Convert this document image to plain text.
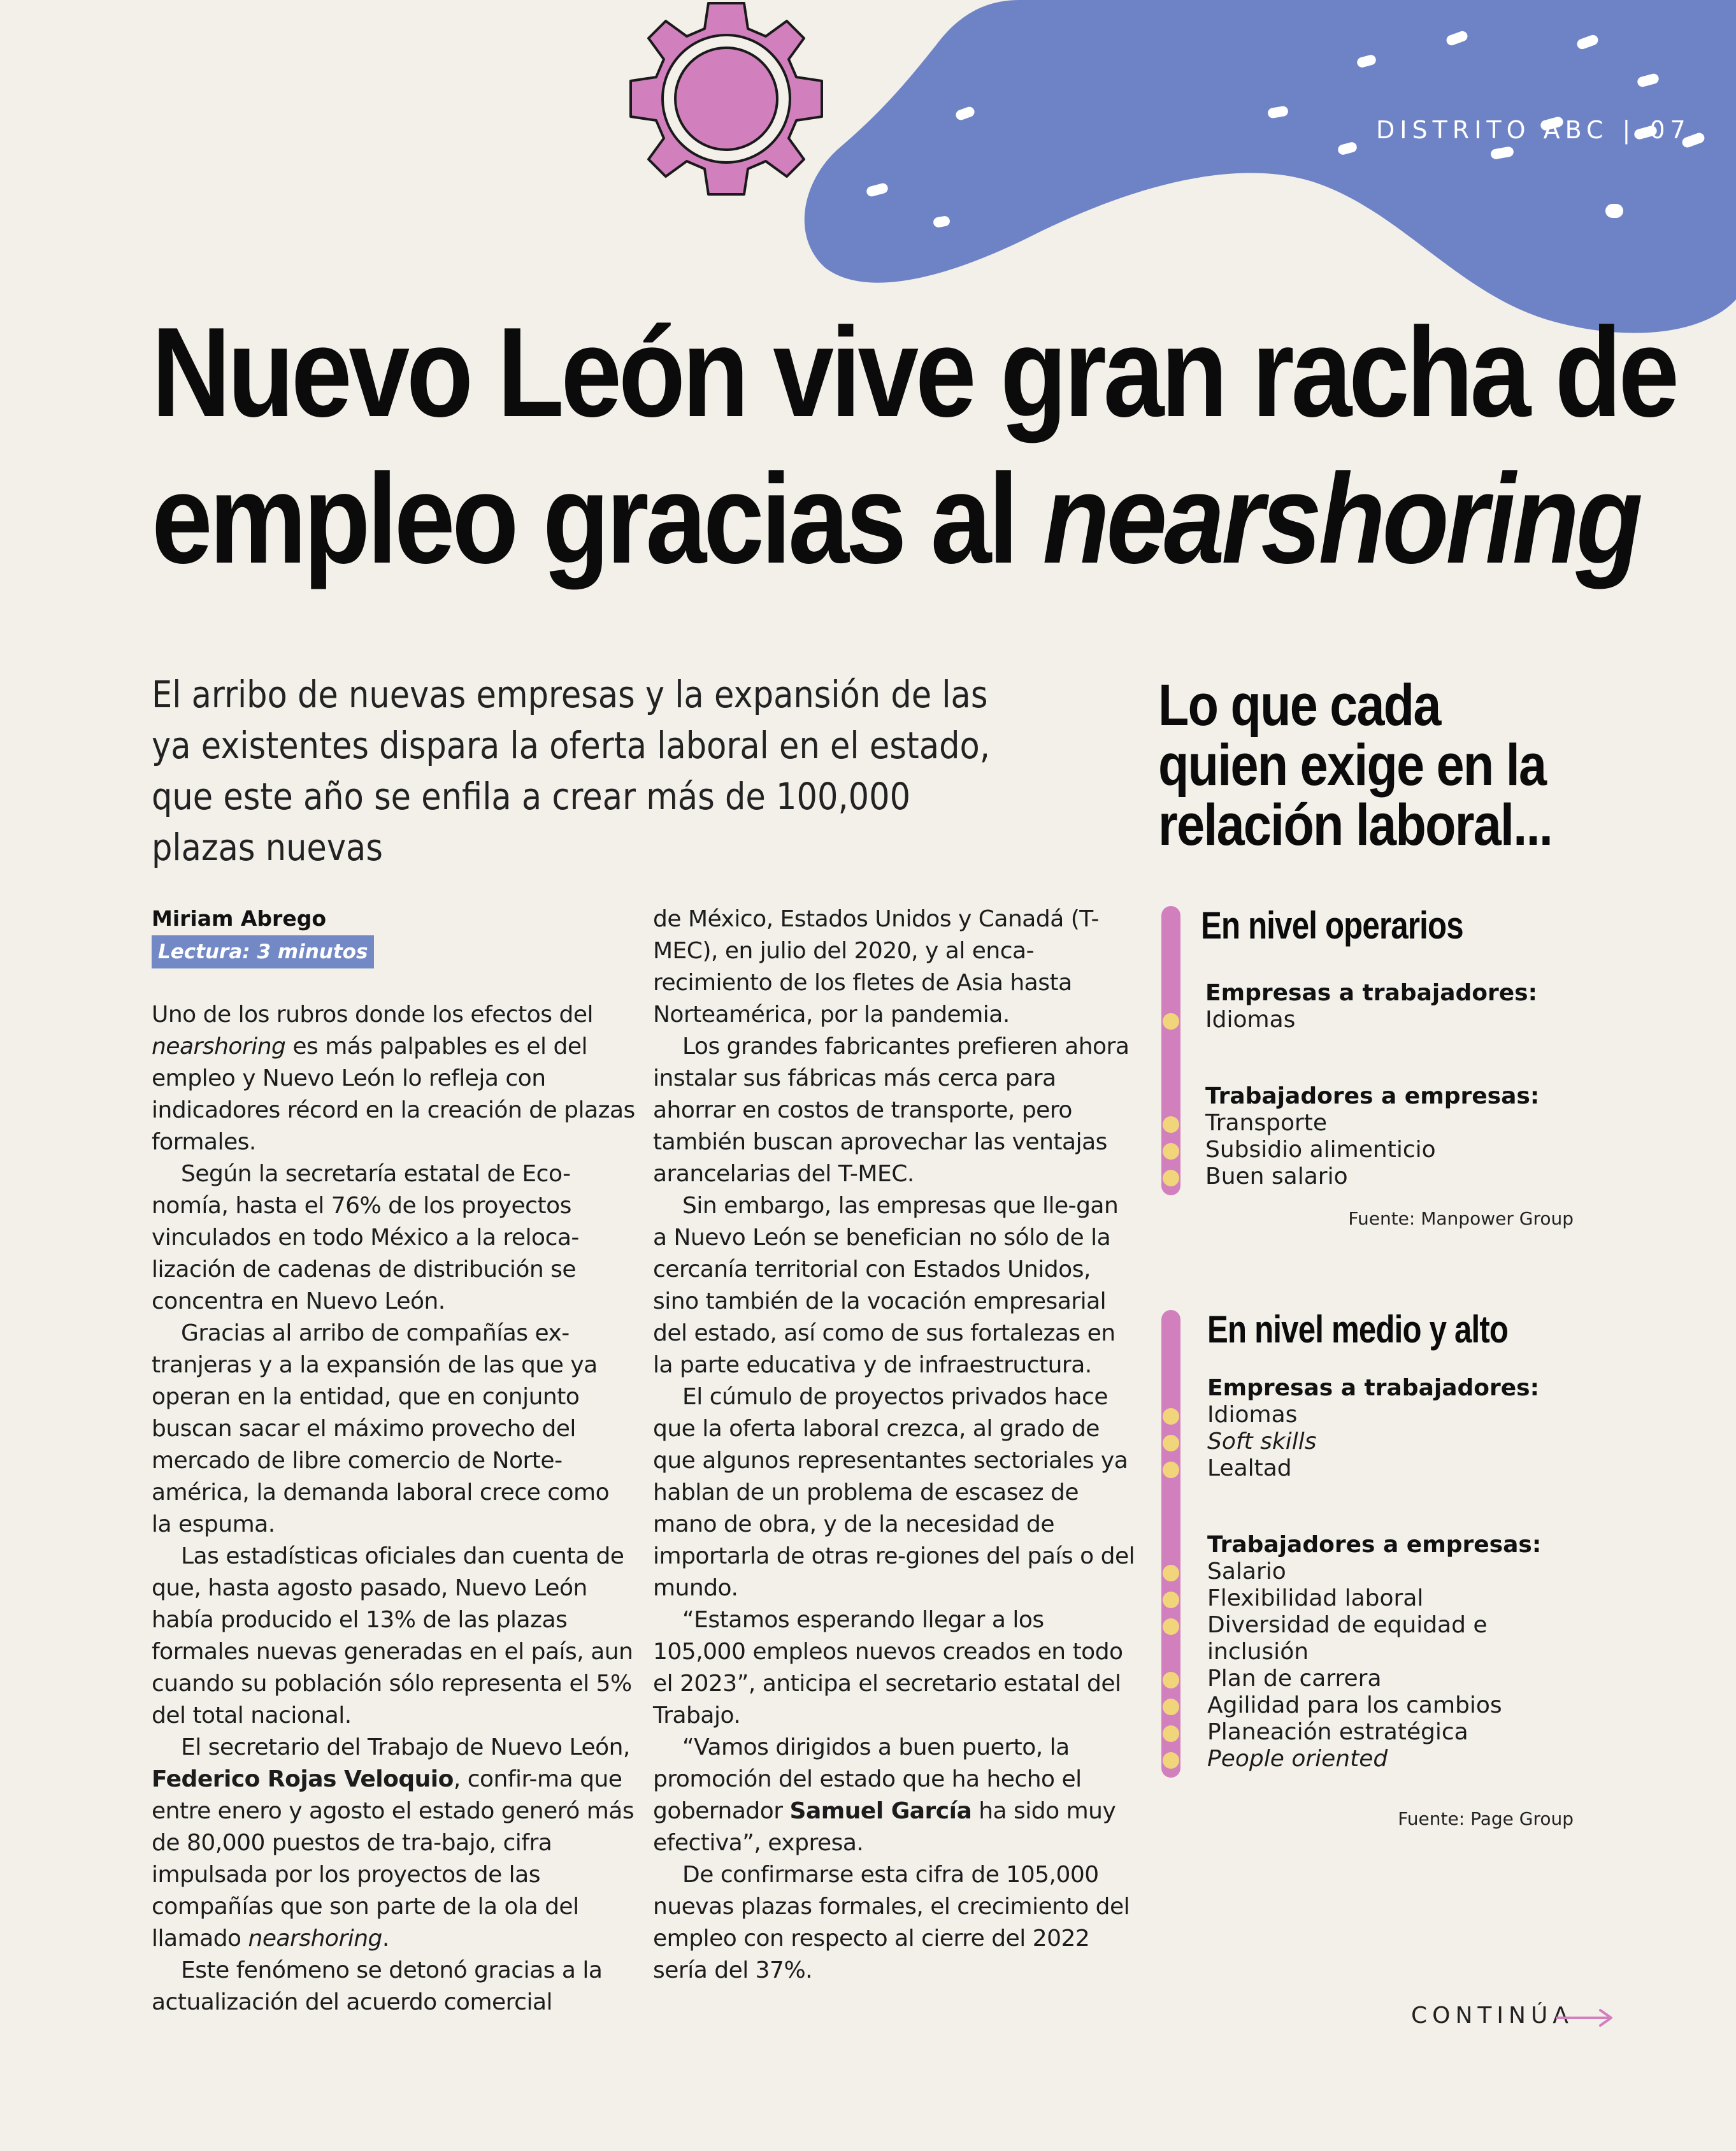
DISTRITO ABC | 07
Nuevo León vive gran racha de
empleo gracias al nearshoring
El arribo de nuevas empresas y la expansión de las ya existentes dispara la oferta laboral en el estado, que este año se enfila a crear más de 100,000 plazas nuevas
Lo que cada quien exige en la relación laboral...
Miriam Abrego
Lectura: 3 minutos

Uno de los rubros donde los efectos del nearshoring es más palpables es el del empleo y Nuevo León lo refleja con indicadores récord en la creación de plazas formales.

Según la secretaría estatal de Eco-nomía, hasta el 76% de los proyectos vinculados en todo México a la reloca-lización de cadenas de distribución se concentra en Nuevo León.

Gracias al arribo de compañías ex-tranjeras y a la expansión de las que ya operan en la entidad, que en conjunto buscan sacar el máximo provecho del mercado de libre comercio de Norte-américa, la demanda laboral crece como la espuma.

Las estadísticas oficiales dan cuenta de que, hasta agosto pasado, Nuevo León había producido el 13% de las plazas formales nuevas generadas en el país, aun cuando su población sólo representa el 5% del total nacional.

El secretario del Trabajo de Nuevo León, Federico Rojas Veloquio, confir-ma que entre enero y agosto el estado generó más de 80,000 puestos de tra-bajo, cifra impulsada por los proyectos de las compañías que son parte de la ola del llamado nearshoring.

Este fenómeno se detonó gracias a la actualización del acuerdo comercial

de México, Estados Unidos y Canadá (T-MEC), en julio del 2020, y al enca-recimiento de los fletes de Asia hasta Norteamérica, por la pandemia.

Los grandes fabricantes prefieren ahora instalar sus fábricas más cerca para ahorrar en costos de transporte, pero también buscan aprovechar las ventajas arancelarias del T-MEC.

Sin embargo, las empresas que lle-gan a Nuevo León se benefician no sólo de la cercanía territorial con Estados Unidos, sino también de la vocación empresarial del estado, así como de sus fortalezas en la parte educativa y de infraestructura.

El cúmulo de proyectos privados hace que la oferta laboral crezca, al grado de que algunos representantes sectoriales ya hablan de un problema de escasez de mano de obra, y de la necesidad de importarla de otras re-giones del país o del mundo.

“Estamos esperando llegar a los 105,000 empleos nuevos creados en todo el 2023”, anticipa el secretario estatal del Trabajo.

“Vamos dirigidos a buen puerto, la promoción del estado que ha hecho el gobernador Samuel García ha sido muy efectiva”, expresa.

De confirmarse esta cifra de 105,000 nuevas plazas formales, el crecimiento del empleo con respecto al cierre del 2022 sería del 37%.

En nivel operarios
Empresas a trabajadores:
Idiomas
Trabajadores a empresas:
Transporte
Subsidio alimenticio
Buen salario
Fuente: Manpower Group
En nivel medio y alto
Empresas a trabajadores:
Idiomas
Soft skills
Lealtad
Trabajadores a empresas:
Salario
Flexibilidad laboral
Diversidad de equidad e inclusión
Plan de carrera
Agilidad para los cambios
Planeación estratégica
People oriented
Fuente: Page Group
CONTINÚA
